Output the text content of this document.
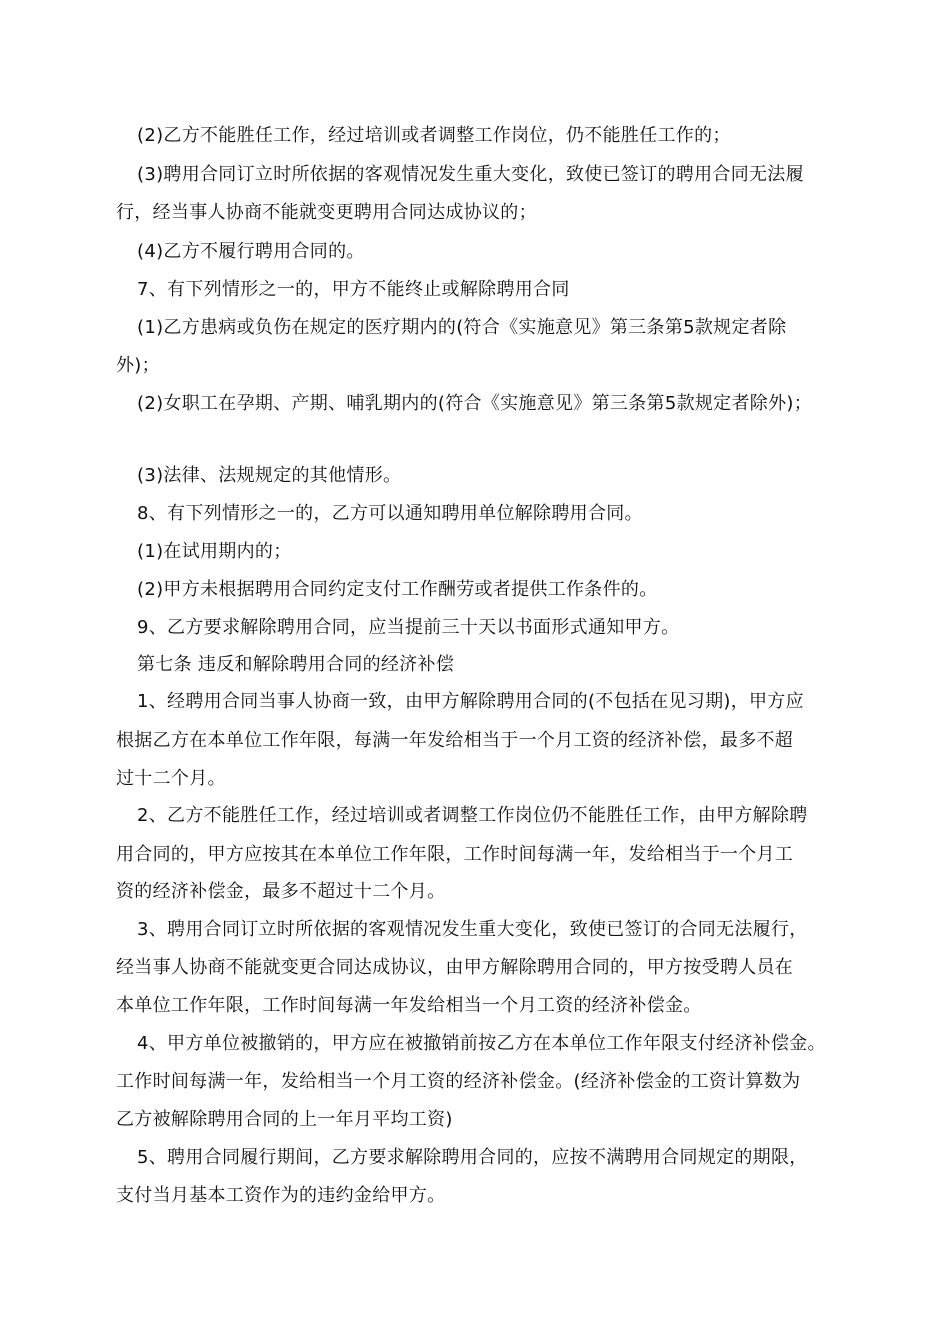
(2)乙方不能胜任工作，经过培训或者调整工作岗位，仍不能胜任工作的；
(3)聘用合同订立时所依据的客观情况发生重大变化，致使已签订的聘用合同无法履
行，经当事人协商不能就变更聘用合同达成协议的；
(4)乙方不履行聘用合同的。
7、有下列情形之一的，甲方不能终止或解除聘用合同
(1)乙方患病或负伤在规定的医疗期内的(符合《实施意见》第三条第5款规定者除
外)；
(2)女职工在孕期、产期、哺乳期内的(符合《实施意见》第三条第5款规定者除外)；
(3)法律、法规规定的其他情形。
8、有下列情形之一的，乙方可以通知聘用单位解除聘用合同。
(1)在试用期内的；
(2)甲方未根据聘用合同约定支付工作酬劳或者提供工作条件的。
9、乙方要求解除聘用合同，应当提前三十天以书面形式通知甲方。
第七条 违反和解除聘用合同的经济补偿
1、经聘用合同当事人协商一致，由甲方解除聘用合同的(不包括在见习期)，甲方应
根据乙方在本单位工作年限，每满一年发给相当于一个月工资的经济补偿，最多不超
过十二个月。
2、乙方不能胜任工作，经过培训或者调整工作岗位仍不能胜任工作，由甲方解除聘
用合同的，甲方应按其在本单位工作年限，工作时间每满一年，发给相当于一个月工
资的经济补偿金，最多不超过十二个月。
3、聘用合同订立时所依据的客观情况发生重大变化，致使已签订的合同无法履行，
经当事人协商不能就变更合同达成协议，由甲方解除聘用合同的，甲方按受聘人员在
本单位工作年限，工作时间每满一年发给相当一个月工资的经济补偿金。
4、甲方单位被撤销的，甲方应在被撤销前按乙方在本单位工作年限支付经济补偿金。
工作时间每满一年，发给相当一个月工资的经济补偿金。(经济补偿金的工资计算数为
乙方被解除聘用合同的上一年月平均工资)
5、聘用合同履行期间，乙方要求解除聘用合同的，应按不满聘用合同规定的期限，
支付当月基本工资作为的违约金给甲方。
